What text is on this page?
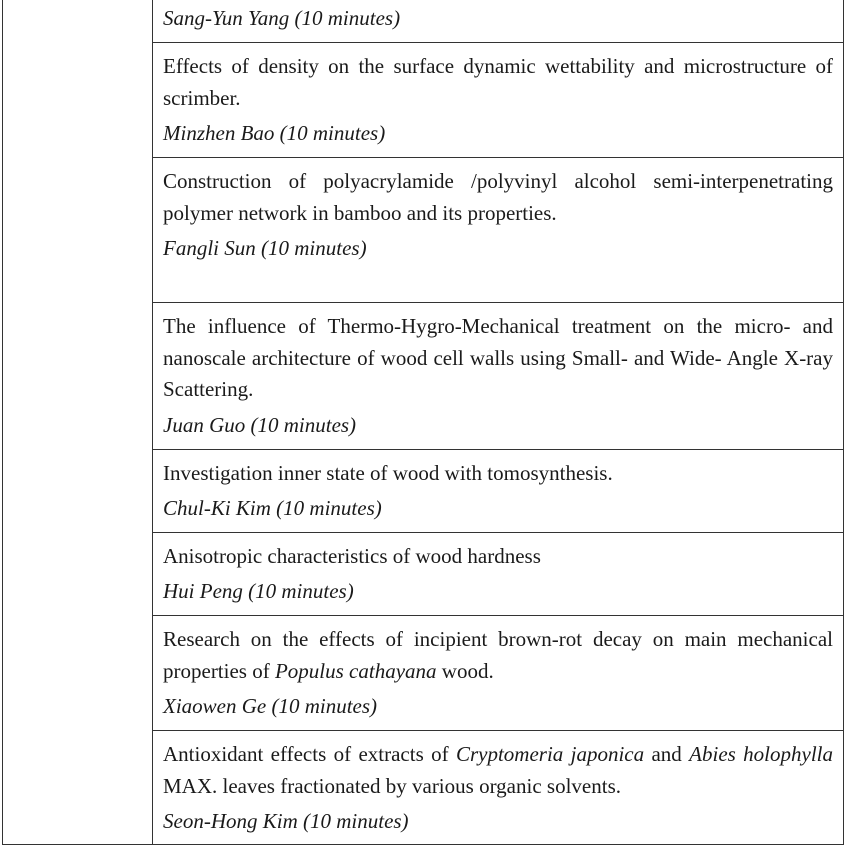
Sang-Yun Yang (10 minutes)

Effects of density on the surface dynamic wettability and microstructure of scrimber.

Minzhen Bao (10 minutes)

Construction of polyacrylamide /polyvinyl alcohol semi-interpenetrating polymer network in bamboo and its properties.

Fangli Sun (10 minutes)

The influence of Thermo-Hygro-Mechanical treatment on the micro- and nanoscale architecture of wood cell walls using Small- and Wide- Angle X-ray Scattering.

Juan Guo (10 minutes)

Investigation inner state of wood with tomosynthesis.

Chul-Ki Kim (10 minutes)

Anisotropic characteristics of wood hardness

Hui Peng (10 minutes)

Research on the effects of incipient brown-rot decay on main mechanical properties of Populus cathayana wood.

Xiaowen Ge (10 minutes)

Antioxidant effects of extracts of Cryptomeria japonica and Abies holophylla MAX. leaves fractionated by various organic solvents.

Seon-Hong Kim (10 minutes)
